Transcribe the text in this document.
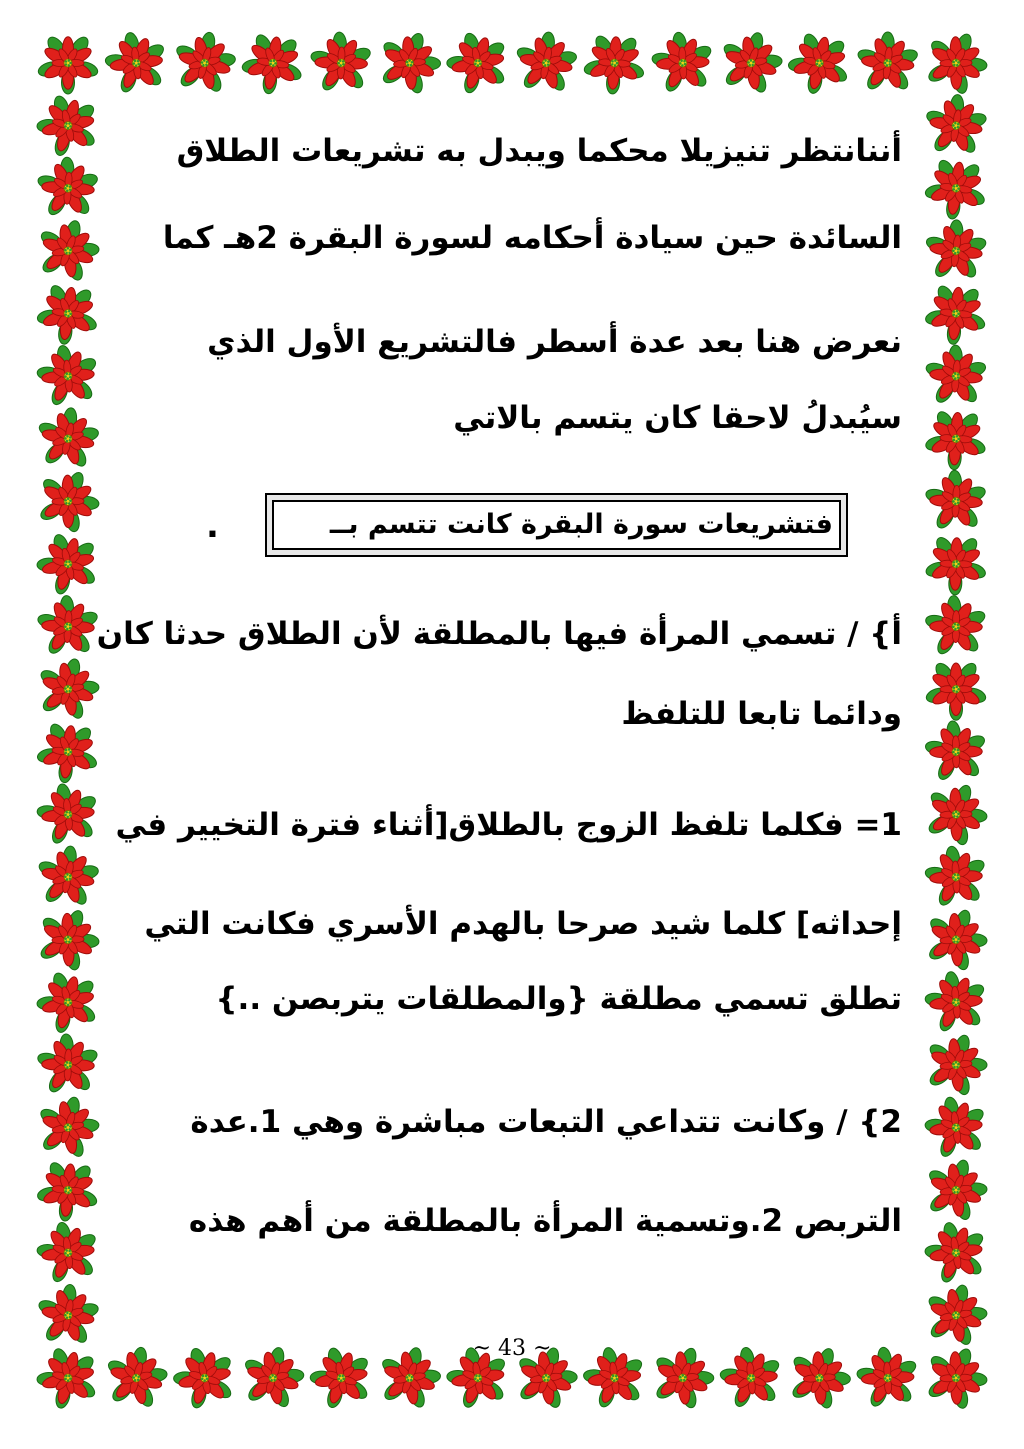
أننانتظر تنيزيلا محكما ويبدل به تشريعات الطلاق
السائدة حين سيادة أحكامه لسورة البقرة 2هـ كما
نعرض هنا بعد عدة أسطر فالتشريع الأول الذي
سيُبدلُ لاحقا كان يتسم بالاتي
فتشريعات سورة البقرة كانت تتسم بــ
.
أ} / تسمي المرأة فيها بالمطلقة لأن الطلاق حدثا كان
ودائما تابعا للتلفظ
1= فكلما تلفظ الزوج بالطلاق[أثناء فترة التخيير في
إحداثه] كلما شيد صرحا بالهدم الأسري فكانت التي
تطلق تسمي مطلقة {والمطلقات يتربصن ..}
2} / وكانت تتداعي التبعات مباشرة وهي 1.عدة
التربص 2.وتسمية المرأة بالمطلقة من أهم هذه
~ 43 ~
